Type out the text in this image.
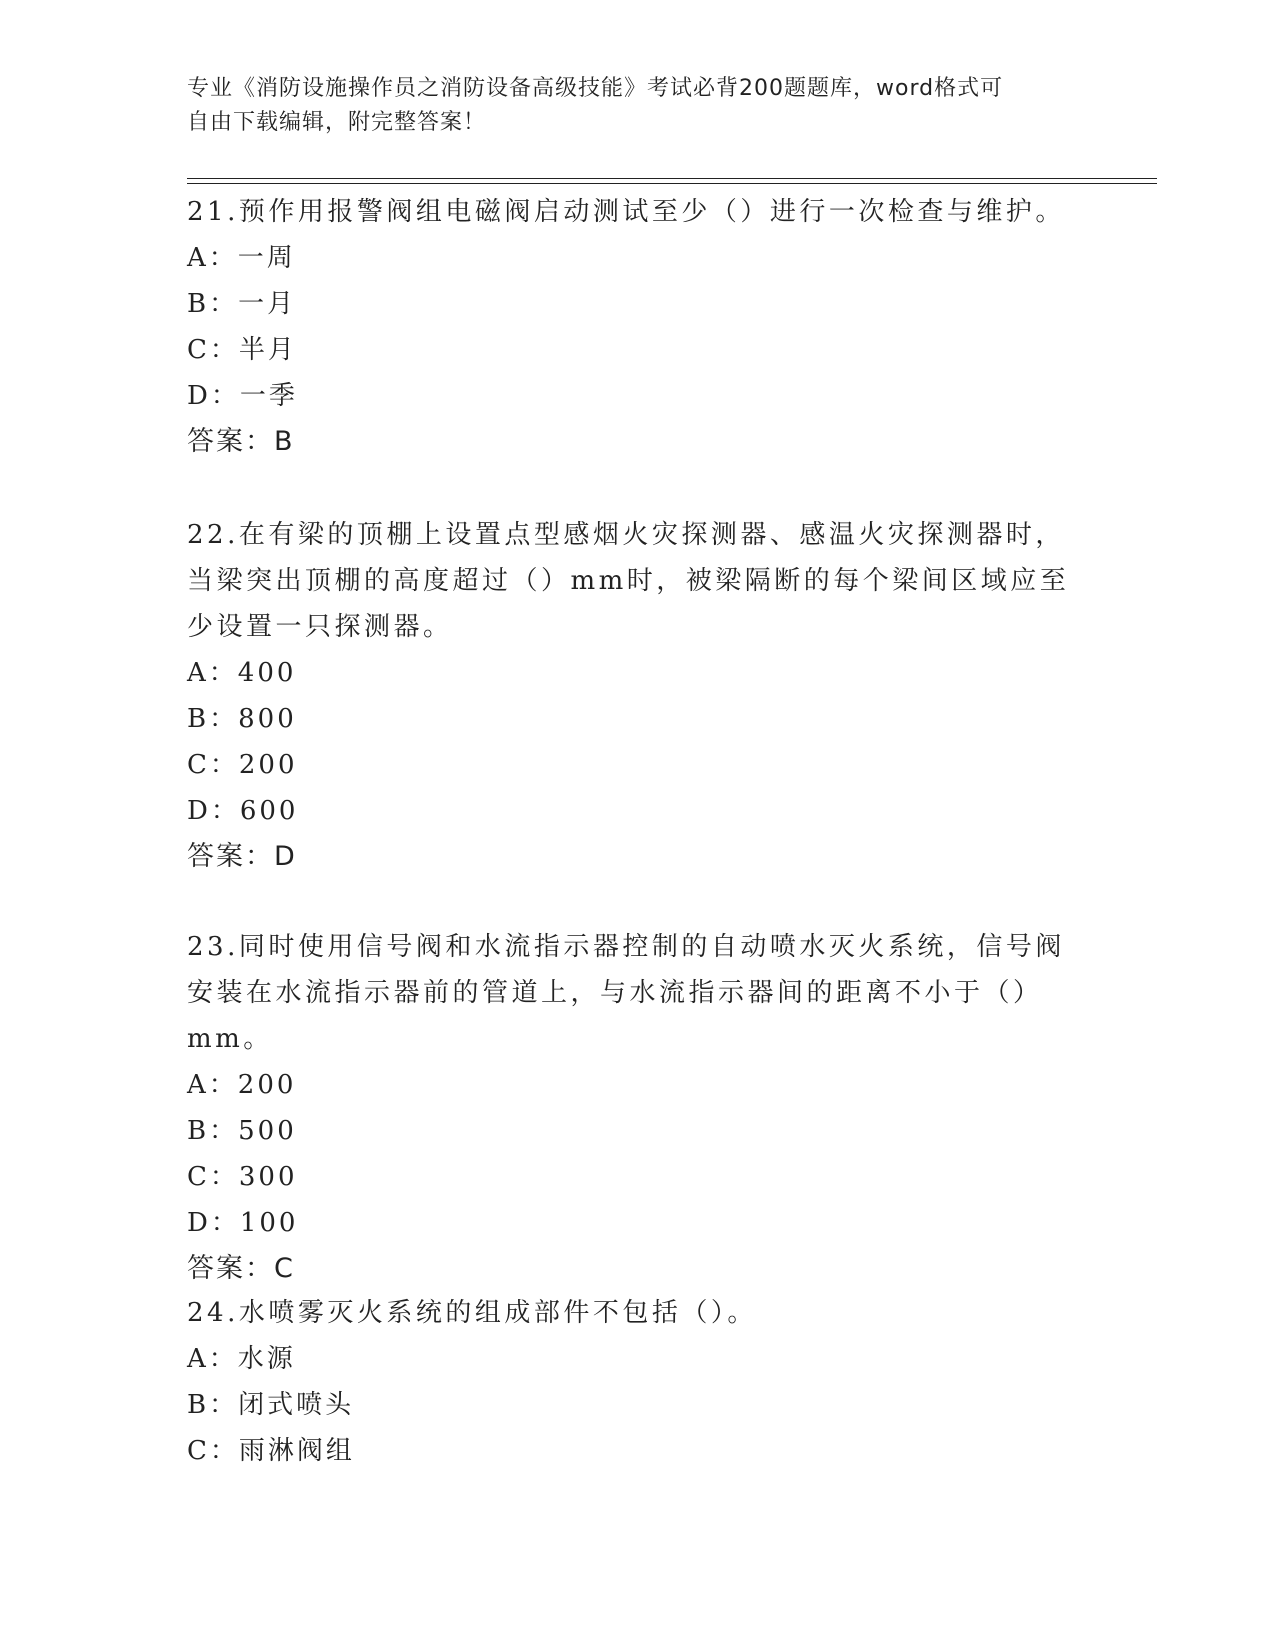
专业《消防设施操作员之消防设备高级技能》考试必背200题题库，word格式可
自由下载编辑，附完整答案！

21.预作用报警阀组电磁阀启动测试至少（）进行一次检查与维护。

A：一周
B：一月
C：半月
D：一季
答案：B

22.在有梁的顶棚上设置点型感烟火灾探测器、感温火灾探测器时，当梁突出顶棚的高度超过（）mm时，被梁隔断的每个梁间区域应至少设置一只探测器。

A：400
B：800
C：200
D：600
答案：D

23.同时使用信号阀和水流指示器控制的自动喷水灭火系统，信号阀安装在水流指示器前的管道上，与水流指示器间的距离不小于（）mm。

A：200
B：500
C：300
D：100
答案：C

24.水喷雾灭火系统的组成部件不包括（）。

A：水源
B：闭式喷头
C：雨淋阀组
